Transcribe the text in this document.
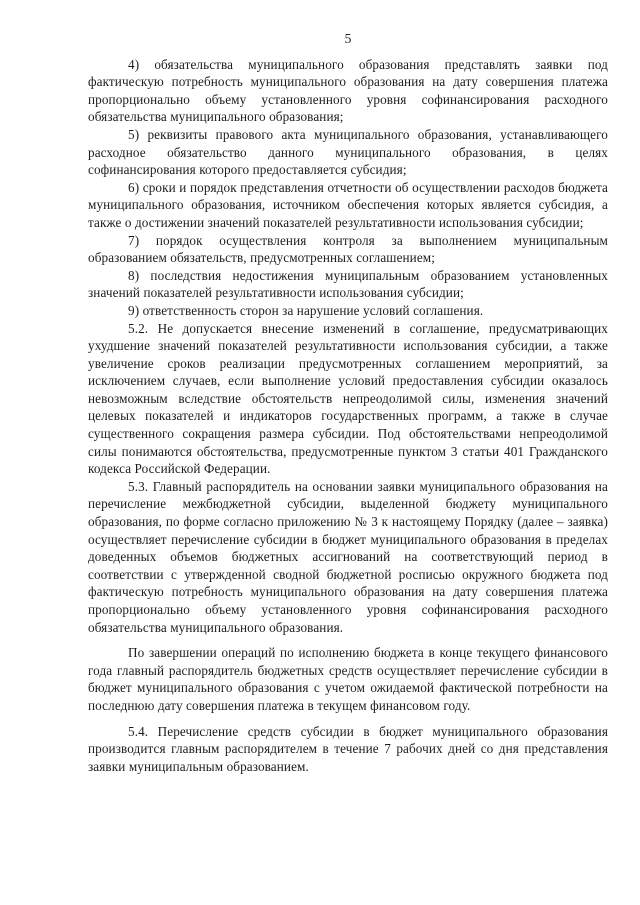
5

4) обязательства муниципального образования представлять заявки под фактическую потребность муниципального образования на дату совершения платежа пропорционально объему установленного уровня софинансирования расходного обязательства муниципального образования;

5) реквизиты правового акта муниципального образования, устанавливающего расходное обязательство данного муниципального образования, в целях софинансирования которого предоставляется субсидия;

6) сроки и порядок представления отчетности об осуществлении расходов бюджета муниципального образования, источником обеспечения которых является субсидия, а также о достижении значений показателей результативности использования субсидии;

7) порядок осуществления контроля за выполнением муниципальным образованием обязательств, предусмотренных соглашением;

8) последствия недостижения муниципальным образованием установленных значений показателей результативности использования субсидии;

9) ответственность сторон за нарушение условий соглашения.

5.2. Не допускается внесение изменений в соглашение, предусматривающих ухудшение значений показателей результативности использования субсидии, а также увеличение сроков реализации предусмотренных соглашением мероприятий, за исключением случаев, если выполнение условий предоставления субсидии оказалось невозможным вследствие обстоятельств непреодолимой силы, изменения значений целевых показателей и индикаторов государственных программ, а также в случае существенного сокращения размера субсидии. Под обстоятельствами непреодолимой силы понимаются обстоятельства, предусмотренные пунктом 3 статьи 401 Гражданского кодекса Российской Федерации.

5.3. Главный распорядитель на основании заявки муниципального образования на перечисление межбюджетной субсидии, выделенной бюджету муниципального образования, по форме согласно приложению № 3 к настоящему Порядку (далее – заявка) осуществляет перечисление субсидии в бюджет муниципального образования в пределах доведенных объемов бюджетных ассигнований на соответствующий период в соответствии с утвержденной сводной бюджетной росписью окружного бюджета под фактическую потребность муниципального образования на дату совершения платежа пропорционально объему установленного уровня софинансирования расходного обязательства муниципального образования.

По завершении операций по исполнению бюджета в конце текущего финансового года главный распорядитель бюджетных средств осуществляет перечисление субсидии в бюджет муниципального образования с учетом ожидаемой фактической потребности на последнюю дату совершения платежа в текущем финансовом году.

5.4. Перечисление средств субсидии в бюджет муниципального образования производится главным распорядителем в течение 7 рабочих дней со дня представления заявки муниципальным образованием.
